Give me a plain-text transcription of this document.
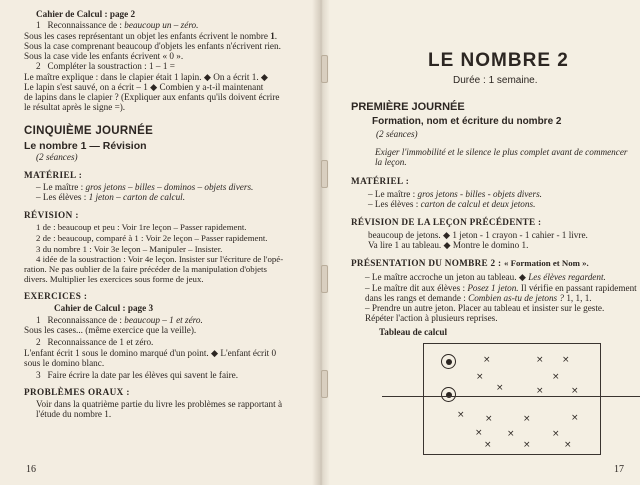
Cahier de Calcul : page 2
1   Reconnaissance de : beaucoup un – zéro.
Sous les cases représentant un objet les enfants écrivent le nombre 1.
Sous la case comprenant beaucoup d'objets les enfants n'écrivent rien.
Sous la case vide les enfants écrivent « 0 ».
2   Compléter la soustraction : 1 – 1 =
Le maître explique : dans le clapier était 1 lapin. ◆ On a écrit 1. ◆
Le lapin s'est sauvé, on a écrit – 1 ◆ Combien y a-t-il maintenant
de lapins dans le clapier ? (Expliquer aux enfants qu'ils doivent écrire
le résultat après le signe =).
CINQUIÈME JOURNÉE
Le nombre 1 — Révision
(2 séances)
MATÉRIEL :
– Le maître : gros jetons – billes – dominos – objets divers.
– Les élèves : 1 jeton – carton de calcul.
RÉVISION :
1 de : beaucoup et peu : Voir 1re leçon – Passer rapidement.
2 de : beaucoup, comparé à 1 : Voir 2e leçon – Passer rapidement.
3 du nombre 1 : Voir 3e leçon – Manipuler – Insister.
4 idée de la soustraction : Voir 4e leçon. Insister sur l'écriture de l'opé-
ration. Ne pas oublier de la faire précéder de la manipulation d'objets
divers. Multiplier les exercices sous forme de jeux.
EXERCICES :
Cahier de Calcul : page 3
1   Reconnaissance de : beaucoup – 1 et zéro.
Sous les cases... (même exercice que la veille).
2   Reconnaissance de 1 et zéro.
L'enfant écrit 1 sous le domino marqué d'un point. ◆ L'enfant écrit 0
sous le domino blanc.
3   Faire écrire la date par les élèves qui savent le faire.
PROBLÈMES ORAUX :
Voir dans la quatrième partie du livre les problèmes se rapportant à
l'étude du nombre 1.
16
LE NOMBRE 2
Durée : 1 semaine.
PREMIÈRE JOURNÉE
Formation, nom et écriture du nombre 2
(2 séances)
Exiger l'immobilité et le silence le plus complet avant de commencer
la leçon.
MATÉRIEL :
– Le maître : gros jetons - billes - objets divers.
– Les élèves : carton de calcul et deux jetons.
RÉVISION DE LA LEÇON PRÉCÉDENTE :
beaucoup de jetons. ◆ 1 jeton - 1 crayon - 1 cahier - 1 livre.
Va lire 1 au tableau. ◆ Montre le domino 1.
PRÉSENTATION DU NOMBRE 2 : « Formation et Nom ».
– Le maître accroche un jeton au tableau. ◆ Les élèves regardent.
– Le maître dit aux élèves : Posez 1 jeton. Il vérifie en passant rapidement
dans les rangs et demande : Combien as-tu de jetons ? 1, 1, 1.
– Prendre un autre jeton. Placer au tableau et insister sur le geste.
Répéter l'action à plusieurs reprises.
Tableau de calcul
×
×
×
× ×
×
×	×
× ×	×	×
×	×	×
×	×	×
17
